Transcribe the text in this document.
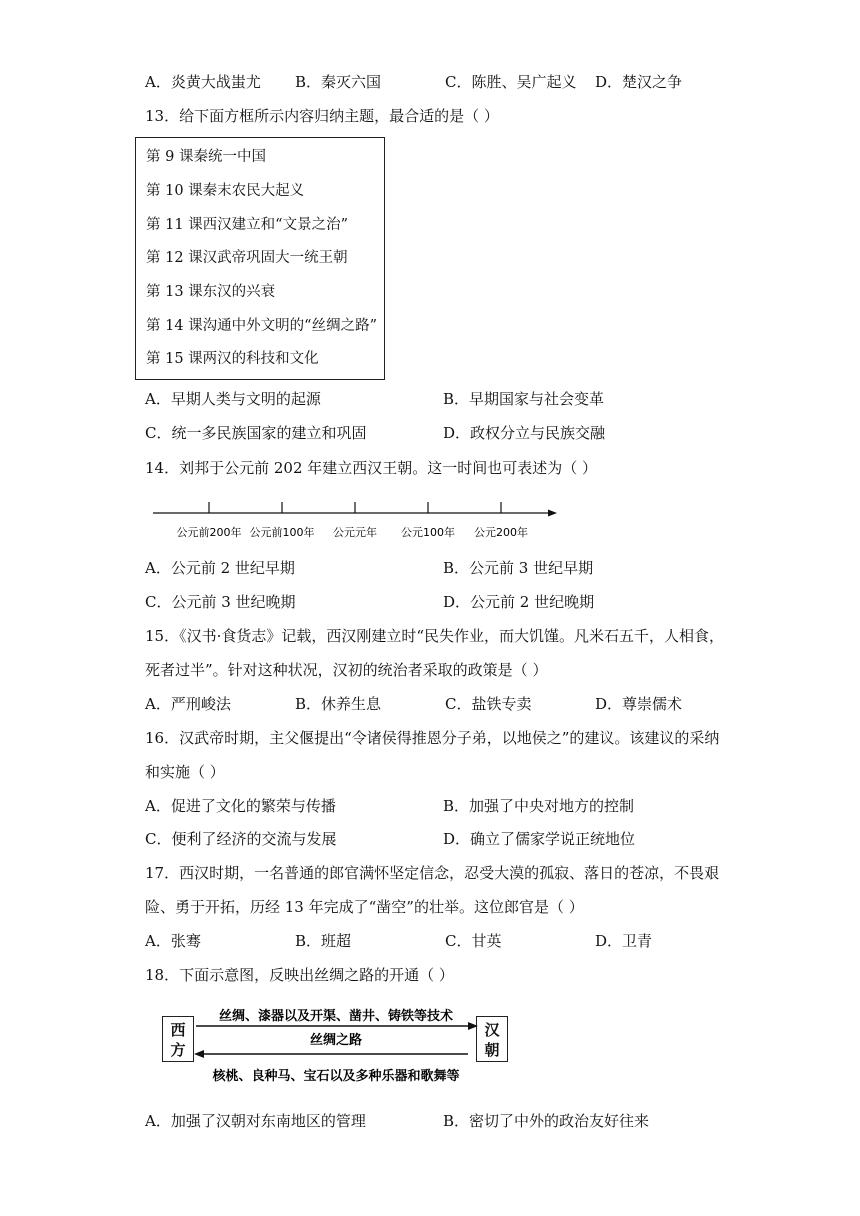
A．炎黄大战蚩尤 B．秦灭六国	C．陈胜、吴广起义 D．楚汉之争
13．给下面方框所示内容归纳主题，最合适的是（ ）
第 9 课秦统一中国
第 10 课秦末农民大起义
第 11 课西汉建立和“文景之治”
第 12 课汉武帝巩固大一统王朝
第 13 课东汉的兴衰
第 14 课沟通中外文明的“丝绸之路”
第 15 课两汉的科技和文化
A．早期人类与文明的起源	B．早期国家与社会变革
C．统一多民族国家的建立和巩固	D．政权分立与民族交融
14．刘邦于公元前 202 年建立西汉王朝。这一时间也可表述为（ ）
公元前200年 公元前100年 公元元年 公元100年 公元200年
A．公元前 2 世纪早期	B．公元前 3 世纪早期
C．公元前 3 世纪晚期	D．公元前 2 世纪晚期
15．《汉书·食货志》记载，西汉刚建立时“民失作业，而大饥馑。凡米石五千，人相食，
死者过半”。针对这种状况，汉初的统治者采取的政策是（ ）
A．严刑峻法	B．休养生息	C．盐铁专卖	D．尊崇儒术
16．汉武帝时期，主父偃提出“令诸侯得推恩分子弟，以地侯之”的建议。该建议的采纳
和实施（ ）
A．促进了文化的繁荣与传播	B．加强了中央对地方的控制
C．便利了经济的交流与发展	D．确立了儒家学说正统地位
17．西汉时期，一名普通的郎官满怀坚定信念，忍受大漠的孤寂、落日的苍凉，不畏艰
险、勇于开拓，历经 13 年完成了“凿空”的壮举。这位郎官是（ ）
A．张骞	B．班超	C．甘英	D．卫青
18．下面示意图，反映出丝绸之路的开通（ ）
西
方
汉
朝
丝绸、漆器以及开渠、凿井、铸铁等技术
丝绸之路
核桃、良种马、宝石以及多种乐器和歌舞等
A．加强了汉朝对东南地区的管理	B．密切了中外的政治友好往来
